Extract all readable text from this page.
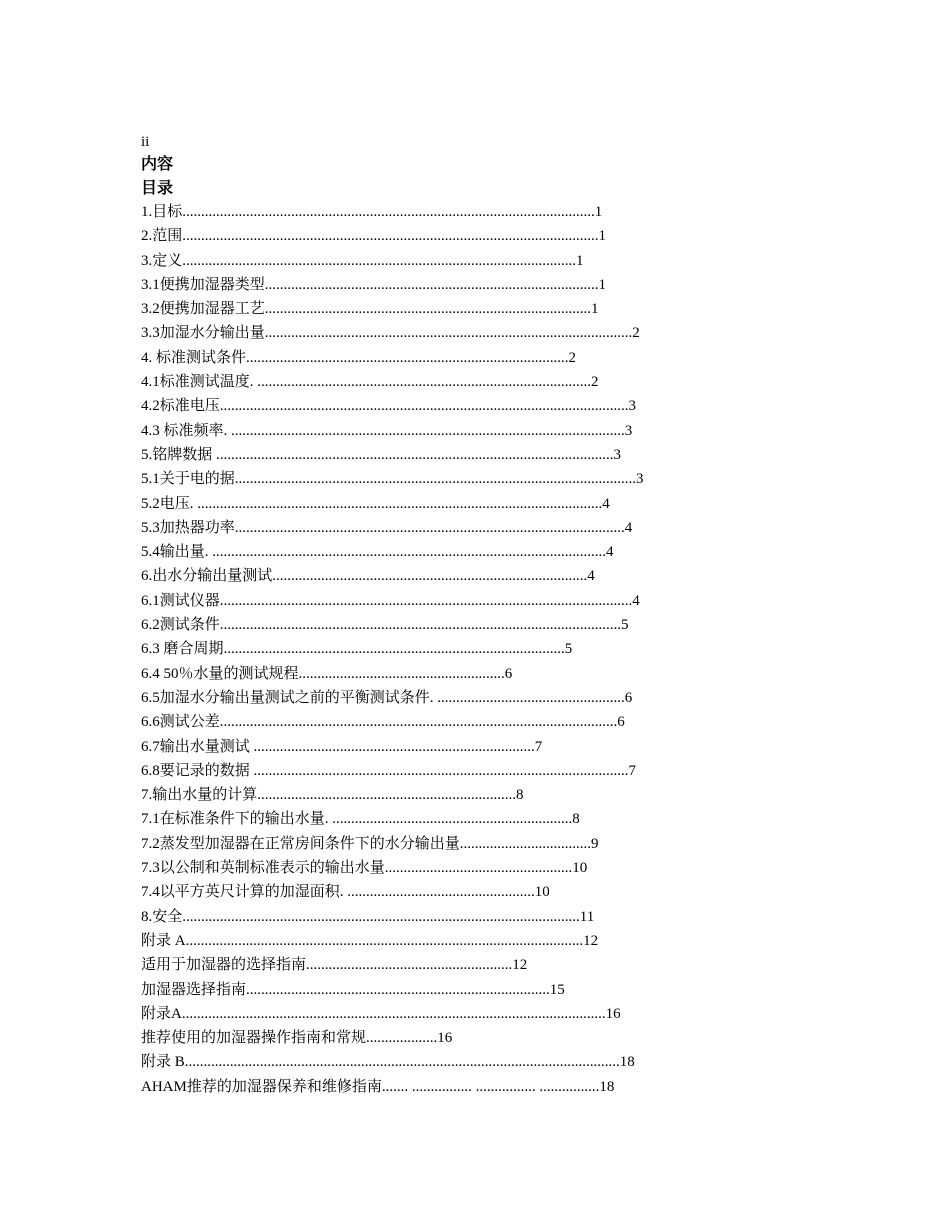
ii
内容
目录
1.目标..............................................................................................................1
2.范围...............................................................................................................1
3.定义.........................................................................................................1
3.1便携加湿器类型.........................................................................................1
3.2便携加湿器工艺.......................................................................................1
3.3加湿水分输出量..................................................................................................2
4. 标准测试条件......................................................................................2
4.1标准测试温度. .........................................................................................2
4.2标准电压.............................................................................................................3
4.3 标准频率. .........................................................................................................3
5.铭牌数据 ..........................................................................................................3
5.1关于电的据...........................................................................................................3
5.2电压. ............................................................................................................4
5.3加热器功率........................................................................................................4
5.4输出量. .........................................................................................................4
6.出水分输出量测试....................................................................................4
6.1测试仪器..............................................................................................................4
6.2测试条件...........................................................................................................5
6.3 磨合周期...........................................................................................5
6.4 50％水量的测试规程.......................................................6
6.5加湿水分输出量测试之前的平衡测试条件. ..................................................6
6.6测试公差..........................................................................................................6
6.7输出水量测试 ...........................................................................7
6.8要记录的数据 ....................................................................................................7
7.输出水量的计算.....................................................................8
7.1在标准条件下的输出水量. ................................................................8
7.2蒸发型加湿器在正常房间条件下的水分输出量...................................9
7.3以公制和英制标准表示的输出水量..................................................10
7.4以平方英尺计算的加湿面积. ..................................................10
8.安全..........................................................................................................11
附录 A..........................................................................................................12
适用于加湿器的选择指南.......................................................12
加湿器选择指南.................................................................................15
附录A.................................................................................................................16
推荐使用的加湿器操作指南和常规...................16
附录 B....................................................................................................................18
AHAM推荐的加湿器保养和维修指南....... ................ ................ ................18
